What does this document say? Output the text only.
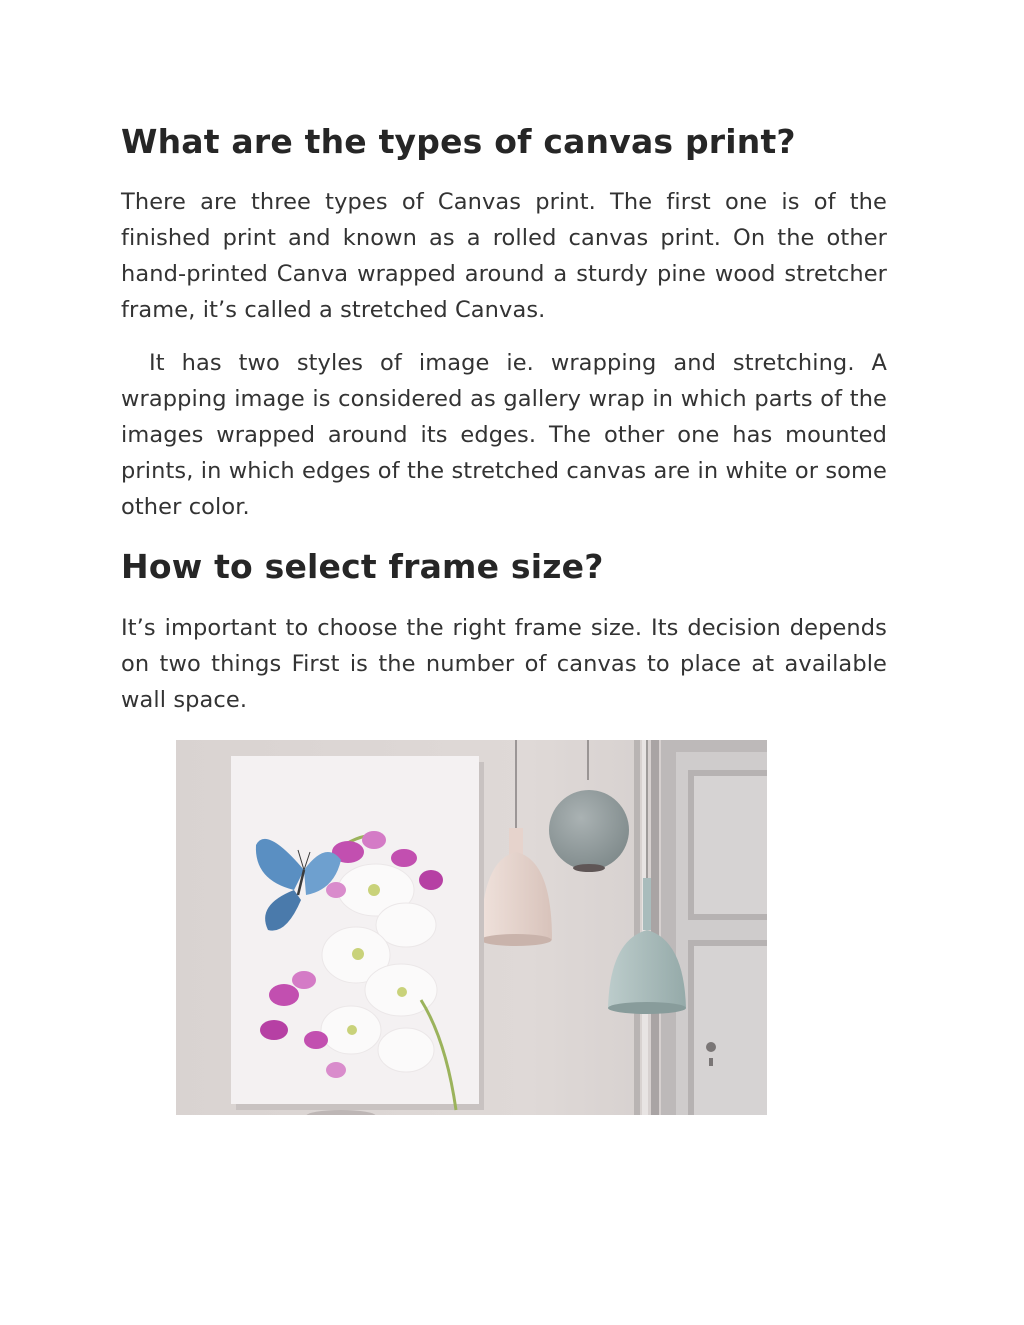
What are the types of canvas print?

There are three types of Canvas print. The first one is of the finished print and known as a rolled canvas print. On the other hand-printed Canva wrapped around a sturdy pine wood stretcher frame, it’s called a stretched Canvas.

It has two styles of image ie. wrapping and stretching. A wrapping image is considered as gallery wrap in which parts of the images wrapped around its edges. The other one has mounted prints, in which edges of the stretched canvas are in white or some other color.

How to select frame size?

It’s important to choose the right frame size. Its decision depends on two things First is the number of canvas to place at available wall space.
